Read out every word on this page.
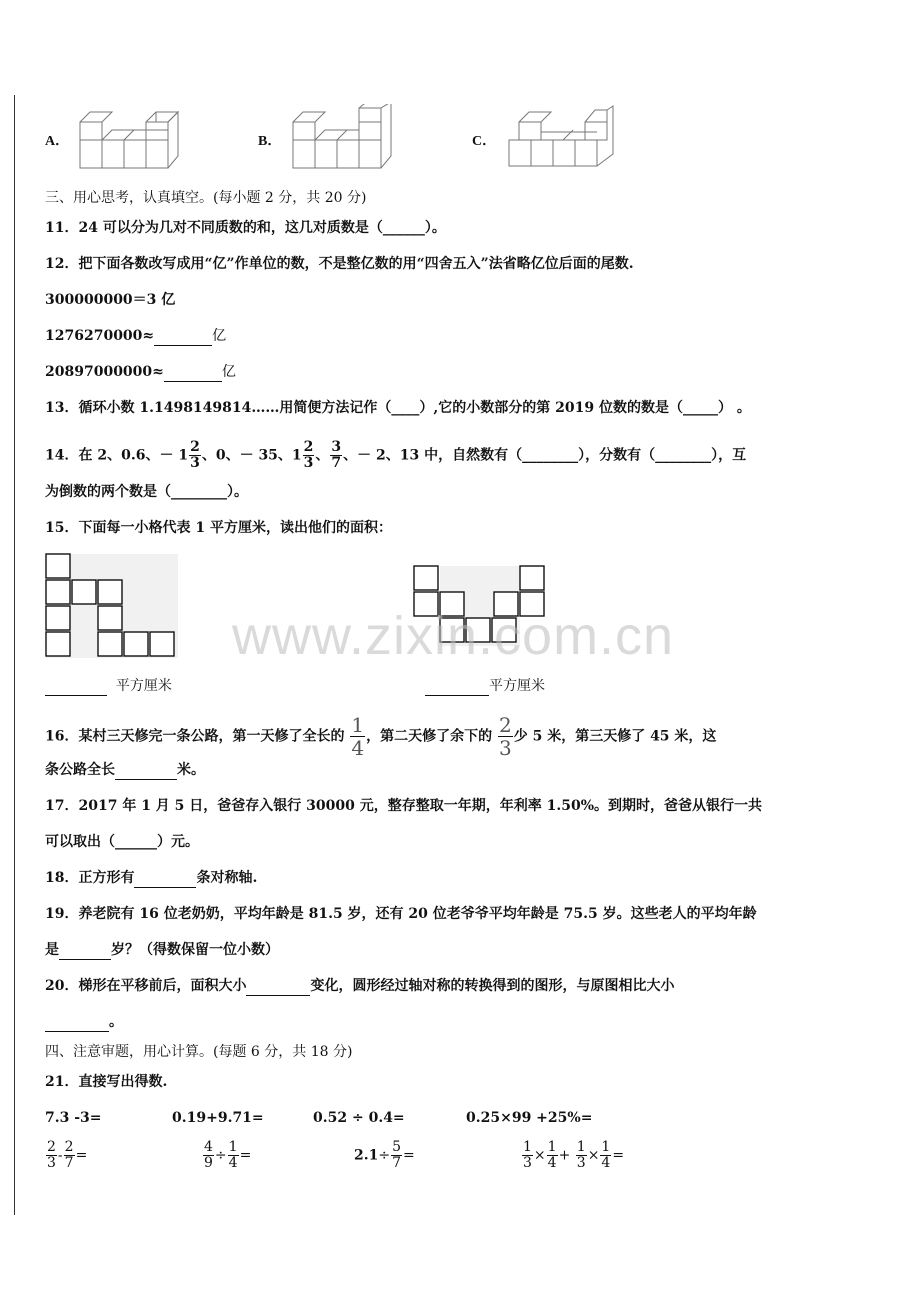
A．	B．	C．
三、用心思考，认真填空。(每小题 2 分，共 20 分)
11．24 可以分为几对不同质数的和，这几对质数是（______）。
12．把下面各数改写成用“亿”作单位的数，不是整亿数的用“四舍五入”法省略亿位后面的尾数.
300000000＝3 亿
1276270000≈	亿
20897000000≈	亿
13．循环小数 1.1498149814……用简便方法记作（____）,它的小数部分的第 2019 位数的数是（_____） 。
14．在 2、0.6、－ $1 \frac{2}{3}$ 、0、－ 35、$1 \frac{2}{3}$ 、 $\frac{3}{7}$ 、－ 2、13 中，自然数有（________），分数有（________），互
为倒数的两个数是（________）。
15．下面每一小格代表 1 平方厘米，读出他们的面积：
www.zixin.com.cn
平方厘米	平方厘米
16．某村三天修完一条公路，第一天修了全长的 $\frac{1}{4}$ ，第二天修了余下的 $\frac{2}{3}$ 少 5 米，第三天修了 45 米，这
条公路全长	米。
17．2017 年 1 月 5 日，爸爸存入银行 30000 元，整存整取一年期，年利率 1.50%。到期时，爸爸从银行一共
可以取出（______）元。
18．正方形有	条对称轴.
19．养老院有 16 位老奶奶，平均年龄是 81.5 岁，还有 20 位老爷爷平均年龄是 75.5 岁。这些老人的平均年龄
是	岁？（得数保留一位小数）
20．梯形在平移前后，面积大小	变化，圆形经过轴对称的转换得到的图形，与原图相比大小
。
四、注意审题，用心计算。(每题 6 分，共 18 分)
21．直接写出得数.
7.3 -3=	0.19+9.71=	0.52 ÷ 0.4=	0.25×99 +25%=
$\frac{2}{3} - \frac{2}{7}$ =	$\frac{4}{9} \div \frac{1}{4}$ =	$2.1\div \frac{5}{7}$ =	$\frac{1}{3} \times \frac{1}{4} + \frac{1}{3} \times \frac{1}{4}$ =
